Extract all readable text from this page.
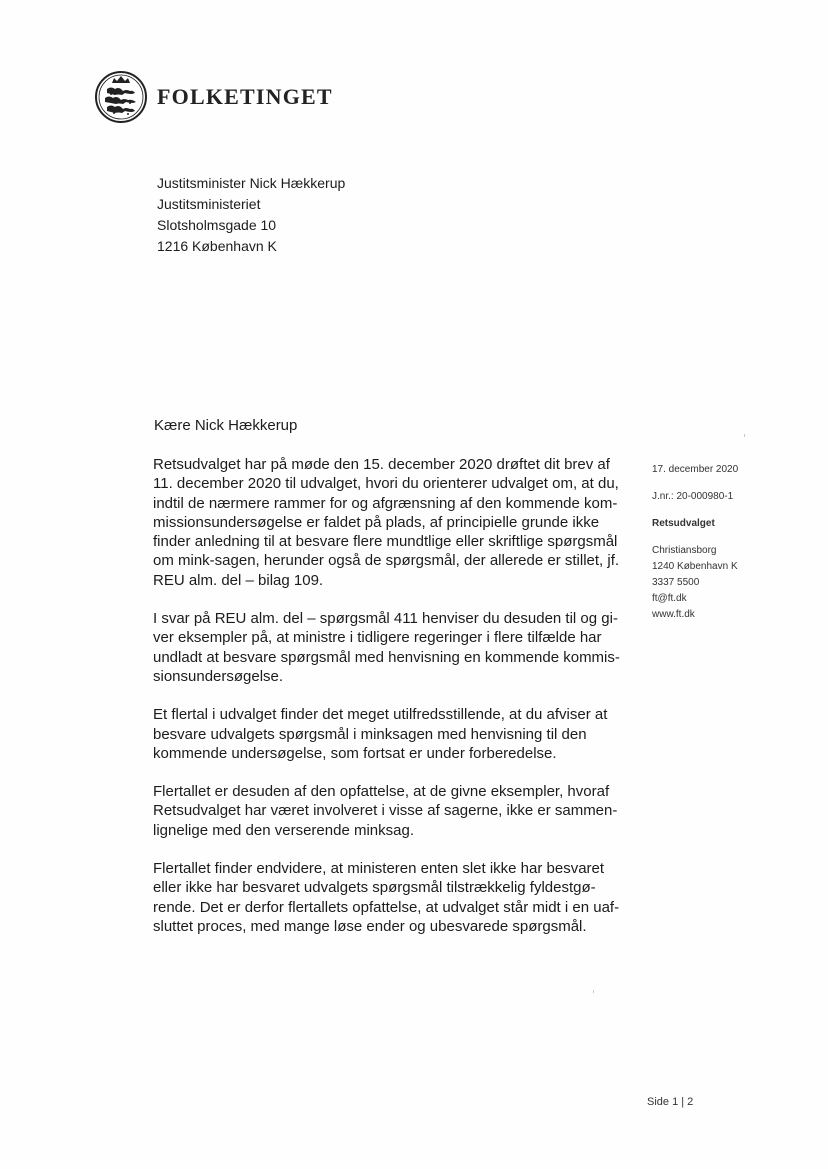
FOLKETINGET
Justitsminister Nick Hækkerup
Justitsministeriet
Slotsholmsgade 10
1216 København K
Kære Nick Hækkerup

Retsudvalget har på møde den 15. december 2020 drøftet dit brev af
11. december 2020 til udvalget, hvori du orienterer udvalget om, at du,
indtil de nærmere rammer for og afgrænsning af den kommende kom-
missionsundersøgelse er faldet på plads, af principielle grunde ikke
finder anledning til at besvare flere mundtlige eller skriftlige spørgsmål
om mink-sagen, herunder også de spørgsmål, der allerede er stillet, jf.
REU alm. del – bilag 109.

I svar på REU alm. del – spørgsmål 411 henviser du desuden til og gi-
ver eksempler på, at ministre i tidligere regeringer i flere tilfælde har
undladt at besvare spørgsmål med henvisning en kommende kommis-
sionsundersøgelse.

Et flertal i udvalget finder det meget utilfredsstillende, at du afviser at
besvare udvalgets spørgsmål i minksagen med henvisning til den
kommende undersøgelse, som fortsat er under forberedelse.

Flertallet er desuden af den opfattelse, at de givne eksempler, hvoraf
Retsudvalget har været involveret i visse af sagerne, ikke er sammen-
lignelige med den verserende minksag.

Flertallet finder endvidere, at ministeren enten slet ikke har besvaret
eller ikke har besvaret udvalgets spørgsmål tilstrækkelig fyldestgø-
rende. Det er derfor flertallets opfattelse, at udvalget står midt i en uaf-
sluttet proces, med mange løse ender og ubesvarede spørgsmål.

17. december 2020
J.nr.: 20-000980-1
Retsudvalget
Christiansborg
1240 København K
3337 5500
ft@ft.dk
www.ft.dk
Side 1 | 2
